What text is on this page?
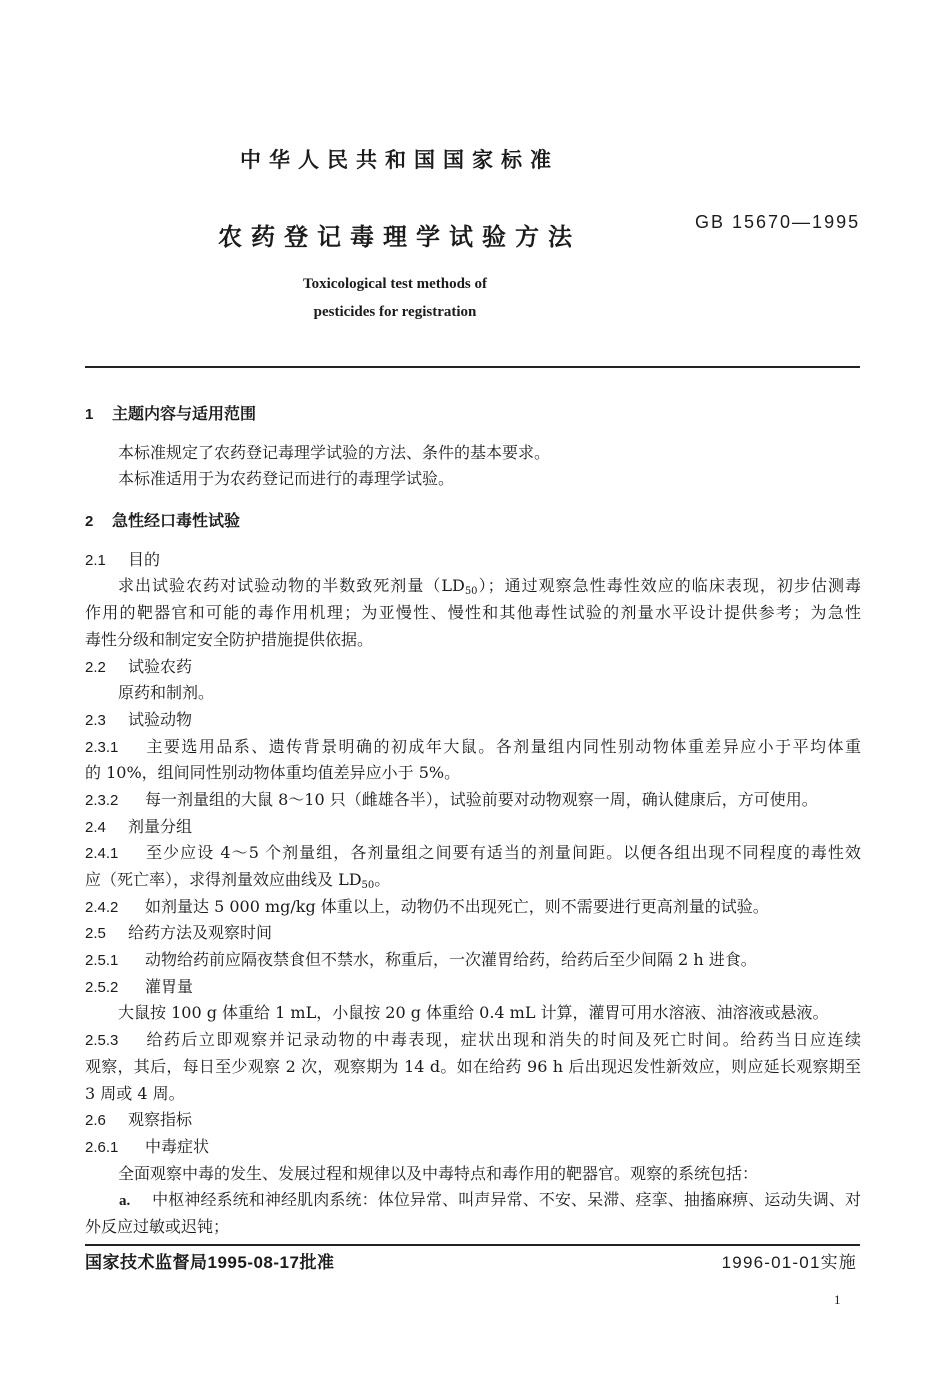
中华人民共和国国家标准
农药登记毒理学试验方法
GB 15670—1995
Toxicological test methods of
pesticides for registration
1 主题内容与适用范围
本标准规定了农药登记毒理学试验的方法、条件的基本要求。
本标准适用于为农药登记而进行的毒理学试验。
2 急性经口毒性试验
2.1 目的
求出试验农药对试验动物的半数致死剂量$(LD_{50})$；通过观察急性毒性效应的临床表现，初步估测毒
作用的靶器官和可能的毒作用机理；为亚慢性、慢性和其他毒性试验的剂量水平设计提供参考；为急性
毒性分级和制定安全防护措施提供依据。
2.2 试验农药
原药和制剂。
2.3 试验动物
2.3.1 主要选用品系、遗传背景明确的初成年大鼠。各剂量组内同性别动物体重差异应小于平均体重
的 10%，组间同性别动物体重均值差异应小于 5%。
2.3.2 每一剂量组的大鼠 8～10 只（雌雄各半），试验前要对动物观察一周，确认健康后，方可使用。
2.4 剂量分组
2.4.1 至少应设 4～5 个剂量组，各剂量组之间要有适当的剂量间距。以便各组出现不同程度的毒性效
应（死亡率），求得剂量效应曲线及 $LD_{50}$。
2.4.2 如剂量达 5 000 mg/kg 体重以上，动物仍不出现死亡，则不需要进行更高剂量的试验。
2.5 给药方法及观察时间
2.5.1 动物给药前应隔夜禁食但不禁水，称重后，一次灌胃给药，给药后至少间隔 2 h 进食。
2.5.2 灌胃量
大鼠按 100 g 体重给 1 mL，小鼠按 20 g 体重给 0.4 mL 计算，灌胃可用水溶液、油溶液或悬液。
2.5.3 给药后立即观察并记录动物的中毒表现，症状出现和消失的时间及死亡时间。给药当日应连续
观察，其后，每日至少观察 2 次，观察期为 14 d。如在给药 96 h 后出现迟发性新效应，则应延长观察期至
3 周或 4 周。
2.6 观察指标
2.6.1 中毒症状
全面观察中毒的发生、发展过程和规律以及中毒特点和毒作用的靶器官。观察的系统包括：
a. 中枢神经系统和神经肌肉系统：体位异常、叫声异常、不安、呆滞、痉挛、抽搐麻痹、运动失调、对
外反应过敏或迟钝；
国家技术监督局1995-08-17批准	1996-01-01实施
1
